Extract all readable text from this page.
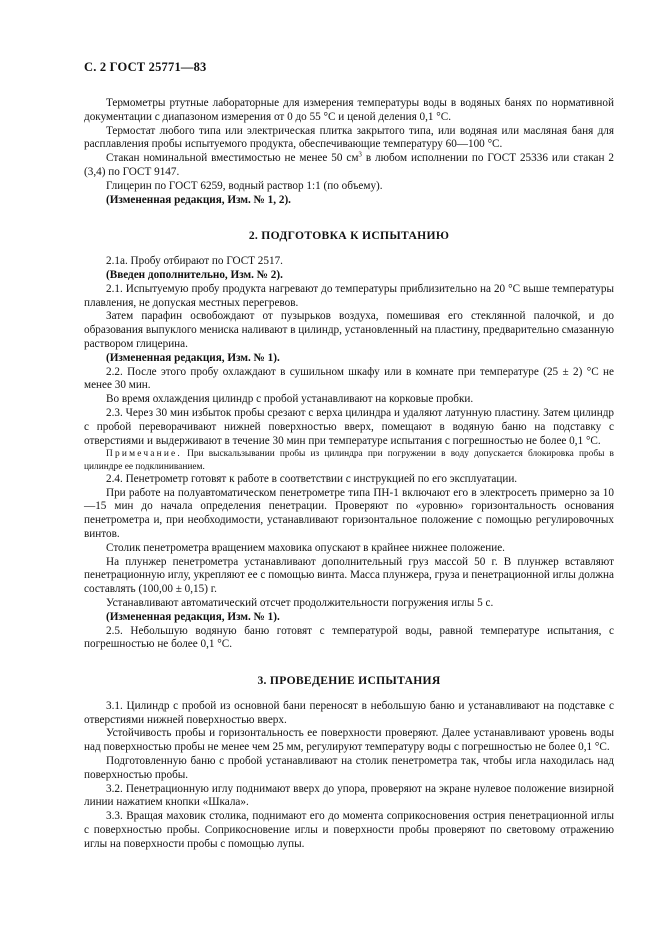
С. 2 ГОСТ 25771—83

Термометры ртутные лабораторные для измерения температуры воды в водяных банях по нормативной документации с диапазоном измерения от 0 до 55 °С и ценой деления 0,1 °С.

Термостат любого типа или электрическая плитка закрытого типа, или водяная или масляная баня для расплавления пробы испытуемого продукта, обеспечивающие температуру 60—100 °С.

Стакан номинальной вместимостью не менее 50 $см^3$ в любом исполнении по ГОСТ 25336 или стакан 2 (3,4) по ГОСТ 9147.

Глицерин по ГОСТ 6259, водный раствор 1:1 (по объему).

(Измененная редакция, Изм. № 1, 2).

2. ПОДГОТОВКА К ИСПЫТАНИЮ

2.1а. Пробу отбирают по ГОСТ 2517.

(Введен дополнительно, Изм. № 2).

2.1. Испытуемую пробу продукта нагревают до температуры приблизительно на 20 °С выше температуры плавления, не допуская местных перегревов.

Затем парафин освобождают от пузырьков воздуха, помешивая его стеклянной палочкой, и до образования выпуклого мениска наливают в цилиндр, установленный на пластину, предварительно смазанную раствором глицерина.

(Измененная редакция, Изм. № 1).

2.2. После этого пробу охлаждают в сушильном шкафу или в комнате при температуре (25 ± 2) °С не менее 30 мин.

Во время охлаждения цилиндр с пробой устанавливают на корковые пробки.

2.3. Через 30 мин избыток пробы срезают с верха цилиндра и удаляют латунную пластину. Затем цилиндр с пробой переворачивают нижней поверхностью вверх, помещают в водяную баню на подставку с отверстиями и выдерживают в течение 30 мин при температуре испытания с погрешностью не более 0,1 °С.

Примечание. При выскальзывании пробы из цилиндра при погружении в воду допускается блокировка пробы в цилиндре ее подклиниванием.

2.4. Пенетрометр готовят к работе в соответствии с инструкцией по его эксплуатации.

При работе на полуавтоматическом пенетрометре типа ПН-1 включают его в электросеть примерно за 10—15 мин до начала определения пенетрации. Проверяют по «уровню» горизонтальность основания пенетрометра и, при необходимости, устанавливают горизонтальное положение с помощью регулировочных винтов.

Столик пенетрометра вращением маховика опускают в крайнее нижнее положение.

На плунжер пенетрометра устанавливают дополнительный груз массой 50 г. В плунжер вставляют пенетрационную иглу, укрепляют ее с помощью винта. Масса плунжера, груза и пенетрационной иглы должна составлять (100,00 ± 0,15) г.

Устанавливают автоматический отсчет продолжительности погружения иглы 5 с.

(Измененная редакция, Изм. № 1).

2.5. Небольшую водяную баню готовят с температурой воды, равной температуре испытания, с погрешностью не более 0,1 °С.

3. ПРОВЕДЕНИЕ ИСПЫТАНИЯ

3.1. Цилиндр с пробой из основной бани переносят в небольшую баню и устанавливают на подставке с отверстиями нижней поверхностью вверх.

Устойчивость пробы и горизонтальность ее поверхности проверяют. Далее устанавливают уровень воды над поверхностью пробы не менее чем 25 мм, регулируют температуру воды с погрешностью не более 0,1 °С.

Подготовленную баню с пробой устанавливают на столик пенетрометра так, чтобы игла находилась над поверхностью пробы.

3.2. Пенетрационную иглу поднимают вверх до упора, проверяют на экране нулевое положение визирной линии нажатием кнопки «Шкала».

3.3. Вращая маховик столика, поднимают его до момента соприкосновения острия пенетрационной иглы с поверхностью пробы. Соприкосновение иглы и поверхности пробы проверяют по световому отражению иглы на поверхности пробы с помощью лупы.
